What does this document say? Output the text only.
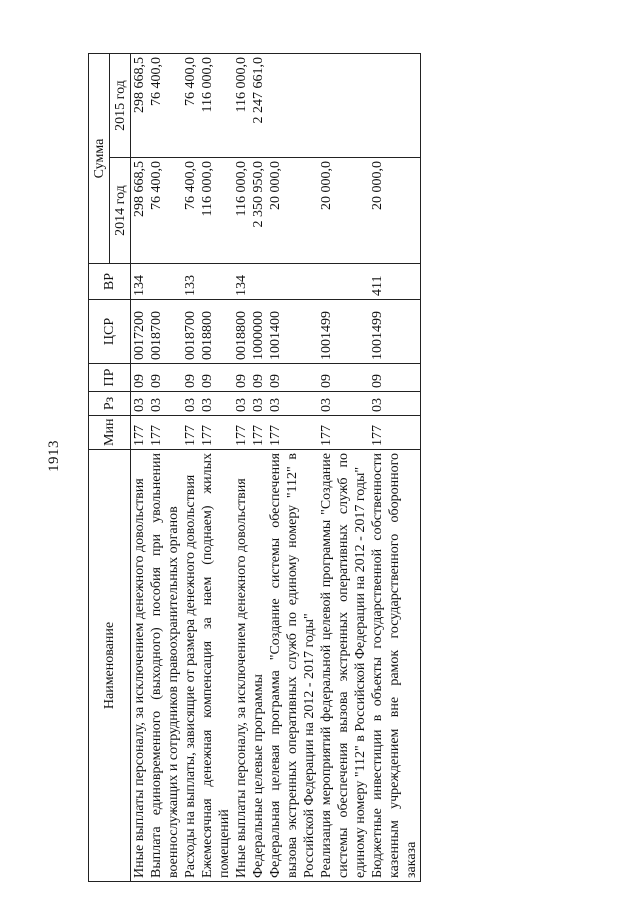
1913
Наименование	Мин	Рз	ПР	ЦСР	ВР	Сумма	
						2014 год	2015 год
Иные выплаты персоналу, за исключением денежного довольствия	177	03	09	0017200	134	298 668,5	298 668,5
Выплата единовременного (выходного) пособия при увольнении военнослужащих и сотрудников правоохранительных органов	177	03	09	0018700		76 400,0	76 400,0
Расходы на выплаты, зависящие от размера денежного довольствия	177	03	09	0018700	133	76 400,0	76 400,0
Ежемесячная денежная компенсация за наем (поднаем) жилых помещений	177	03	09	0018800		116 000,0	116 000,0
Иные выплаты персоналу, за исключением денежного довольствия	177	03	09	0018800	134	116 000,0	116 000,0
Федеральные целевые программы	177	03	09	1000000		2 350 950,0	2 247 661,0
Федеральная целевая программа "Создание системы обеспечения вызова экстренных оперативных служб по единому номеру "112" в Российской Федерации на 2012 - 2017 годы"	177	03	09	1001400		20 000,0	
Реализация мероприятий федеральной целевой программы "Создание системы обеспечения вызова экстренных оперативных служб по единому номеру "112" в Российской Федерации на 2012 - 2017 годы"	177	03	09	1001499		20 000,0	
Бюджетные инвестиции в объекты государственной собственности казенным учреждением вне рамок государственного оборонного заказа	177	03	09	1001499	411	20 000,0	
